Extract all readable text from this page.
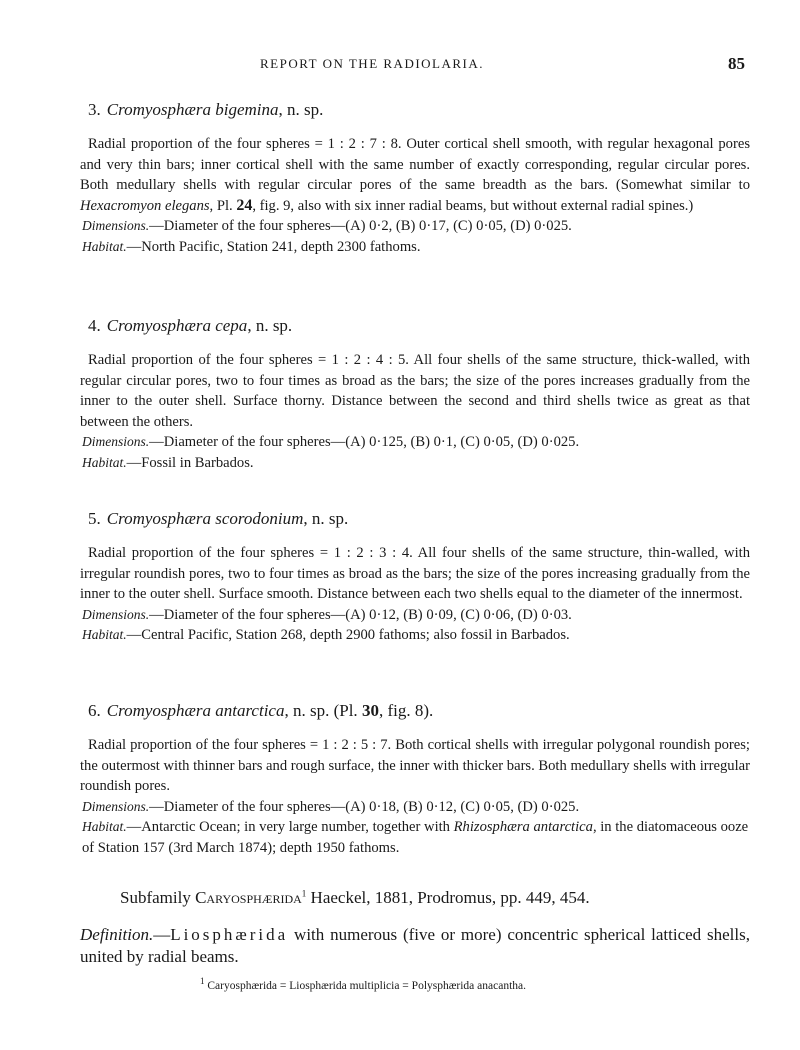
REPORT ON THE RADIOLARIA.	85

3. Cromyosphæra bigemina, n. sp.

Radial proportion of the four spheres = 1 : 2 : 7 : 8. Outer cortical shell smooth, with regular hexagonal pores and very thin bars; inner cortical shell with the same number of exactly corresponding, regular circular pores. Both medullary shells with regular circular pores of the same breadth as the bars. (Somewhat similar to Hexacromyon elegans, Pl. 24, fig. 9, also with six inner radial beams, but without external radial spines.)

Dimensions.—Diameter of the four spheres—(A) 0·2, (B) 0·17, (C) 0·05, (D) 0·025.

Habitat.—North Pacific, Station 241, depth 2300 fathoms.

4. Cromyosphæra cepa, n. sp.

Radial proportion of the four spheres = 1 : 2 : 4 : 5. All four shells of the same structure, thick-walled, with regular circular pores, two to four times as broad as the bars; the size of the pores increases gradually from the inner to the outer shell. Surface thorny. Distance between the second and third shells twice as great as that between the others.

Dimensions.—Diameter of the four spheres—(A) 0·125, (B) 0·1, (C) 0·05, (D) 0·025.

Habitat.—Fossil in Barbados.

5. Cromyosphæra scorodonium, n. sp.

Radial proportion of the four spheres = 1 : 2 : 3 : 4. All four shells of the same structure, thin-walled, with irregular roundish pores, two to four times as broad as the bars; the size of the pores increasing gradually from the inner to the outer shell. Surface smooth. Distance between each two shells equal to the diameter of the innermost.

Dimensions.—Diameter of the four spheres—(A) 0·12, (B) 0·09, (C) 0·06, (D) 0·03.

Habitat.—Central Pacific, Station 268, depth 2900 fathoms; also fossil in Barbados.

6. Cromyosphæra antarctica, n. sp. (Pl. 30, fig. 8).

Radial proportion of the four spheres = 1 : 2 : 5 : 7. Both cortical shells with irregular polygonal roundish pores; the outermost with thinner bars and rough surface, the inner with thicker bars. Both medullary shells with irregular roundish pores.

Dimensions.—Diameter of the four spheres—(A) 0·18, (B) 0·12, (C) 0·05, (D) 0·025.

Habitat.—Antarctic Ocean; in very large number, together with Rhizosphæra antarctica, in the diatomaceous ooze of Station 157 (3rd March 1874); depth 1950 fathoms.

Subfamily Caryosphærida$^1$ Haeckel, 1881, Prodromus, pp. 449, 454.
Definition.—Liosphærida with numerous (five or more) concentric spherical latticed shells, united by radial beams.
$^1$ Caryosphærida = Liosphærida multiplicia = Polysphærida anacantha.
